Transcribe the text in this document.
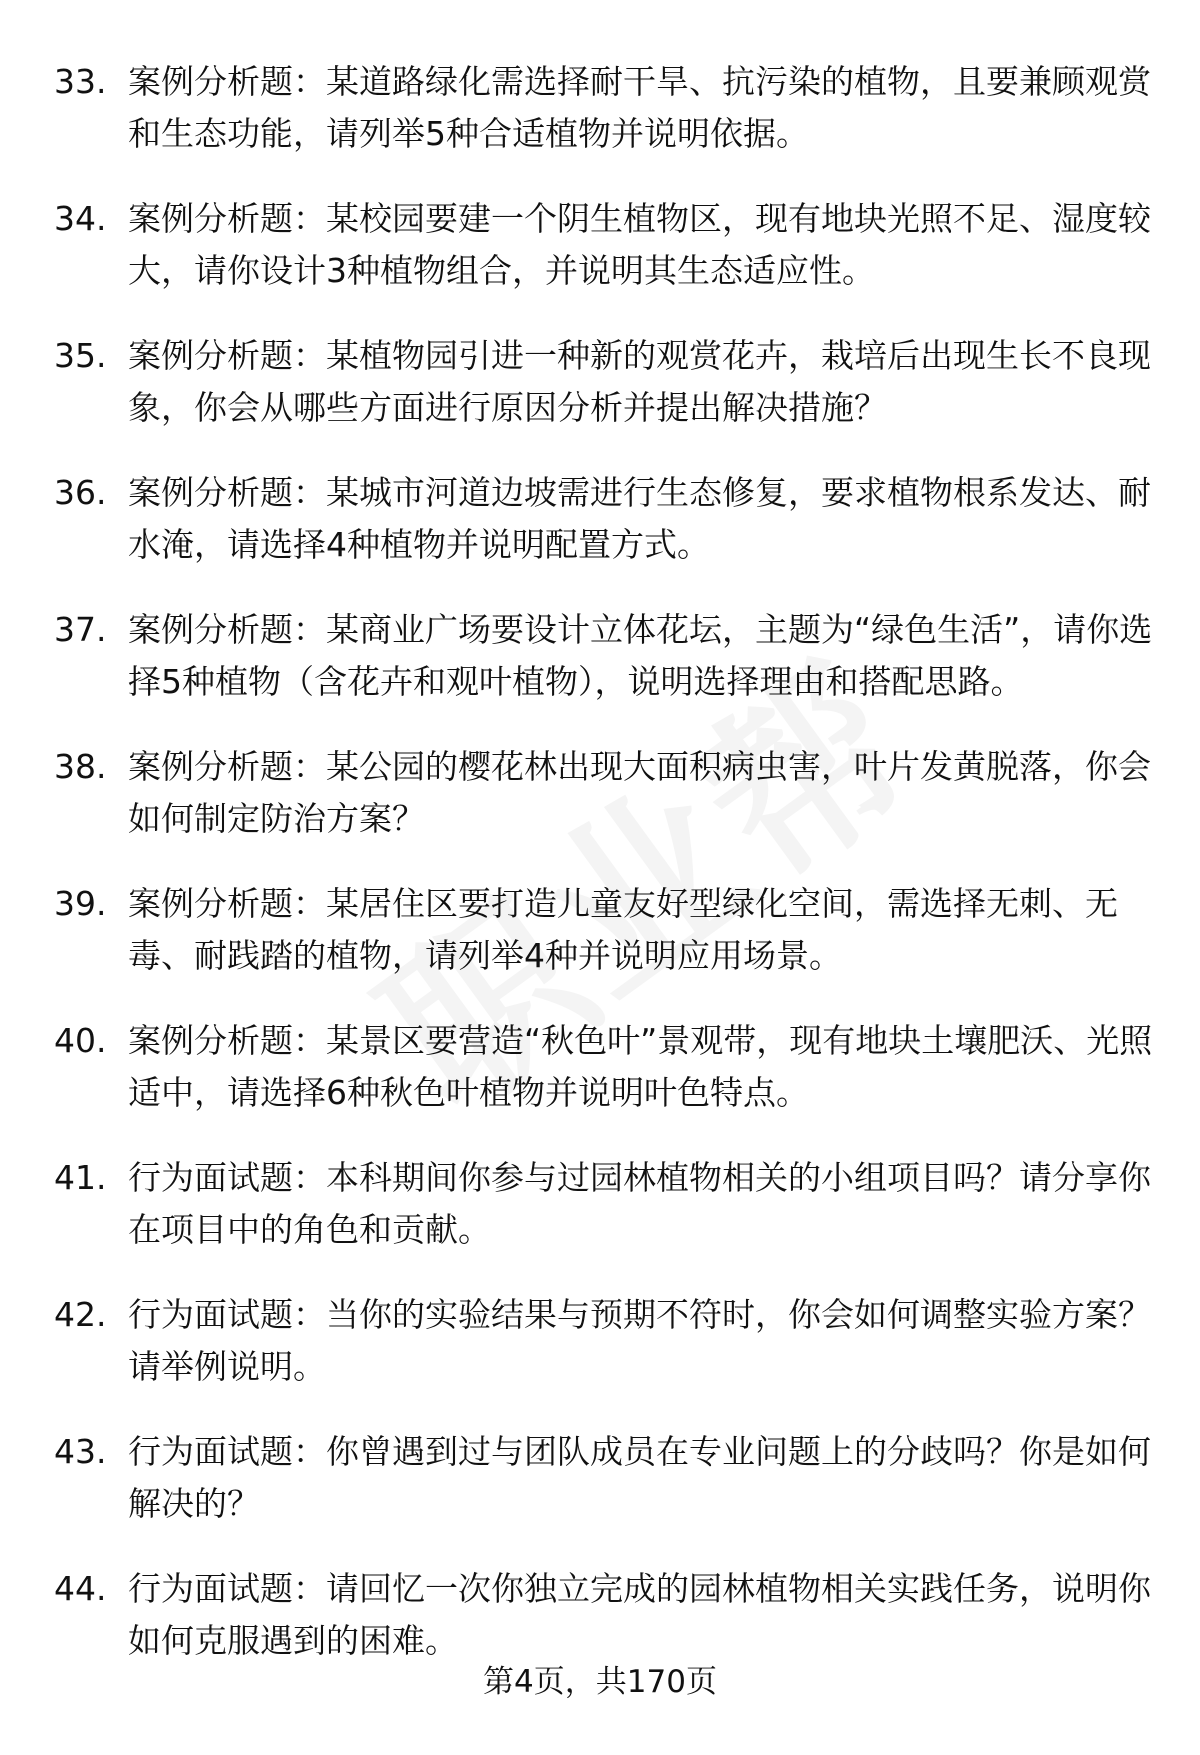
33. 案例分析题：某道路绿化需选择耐干旱、抗污染的植物，且要兼顾观赏和生态功能，请列举5种合适植物并说明依据。
34. 案例分析题：某校园要建一个阴生植物区，现有地块光照不足、湿度较大，请你设计3种植物组合，并说明其生态适应性。
35. 案例分析题：某植物园引进一种新的观赏花卉，栽培后出现生长不良现象，你会从哪些方面进行原因分析并提出解决措施？
36. 案例分析题：某城市河道边坡需进行生态修复，要求植物根系发达、耐水淹，请选择4种植物并说明配置方式。
37. 案例分析题：某商业广场要设计立体花坛，主题为“绿色生活”，请你选择5种植物（含花卉和观叶植物），说明选择理由和搭配思路。
38. 案例分析题：某公园的樱花林出现大面积病虫害，叶片发黄脱落，你会如何制定防治方案？
39. 案例分析题：某居住区要打造儿童友好型绿化空间，需选择无刺、无毒、耐践踏的植物，请列举4种并说明应用场景。
40. 案例分析题：某景区要营造“秋色叶”景观带，现有地块土壤肥沃、光照适中，请选择6种秋色叶植物并说明叶色特点。
41. 行为面试题：本科期间你参与过园林植物相关的小组项目吗？请分享你在项目中的角色和贡献。
42. 行为面试题：当你的实验结果与预期不符时，你会如何调整实验方案？请举例说明。
43. 行为面试题：你曾遇到过与团队成员在专业问题上的分歧吗？你是如何解决的？
44. 行为面试题：请回忆一次你独立完成的园林植物相关实践任务，说明你如何克服遇到的困难。
第4页，共170页
